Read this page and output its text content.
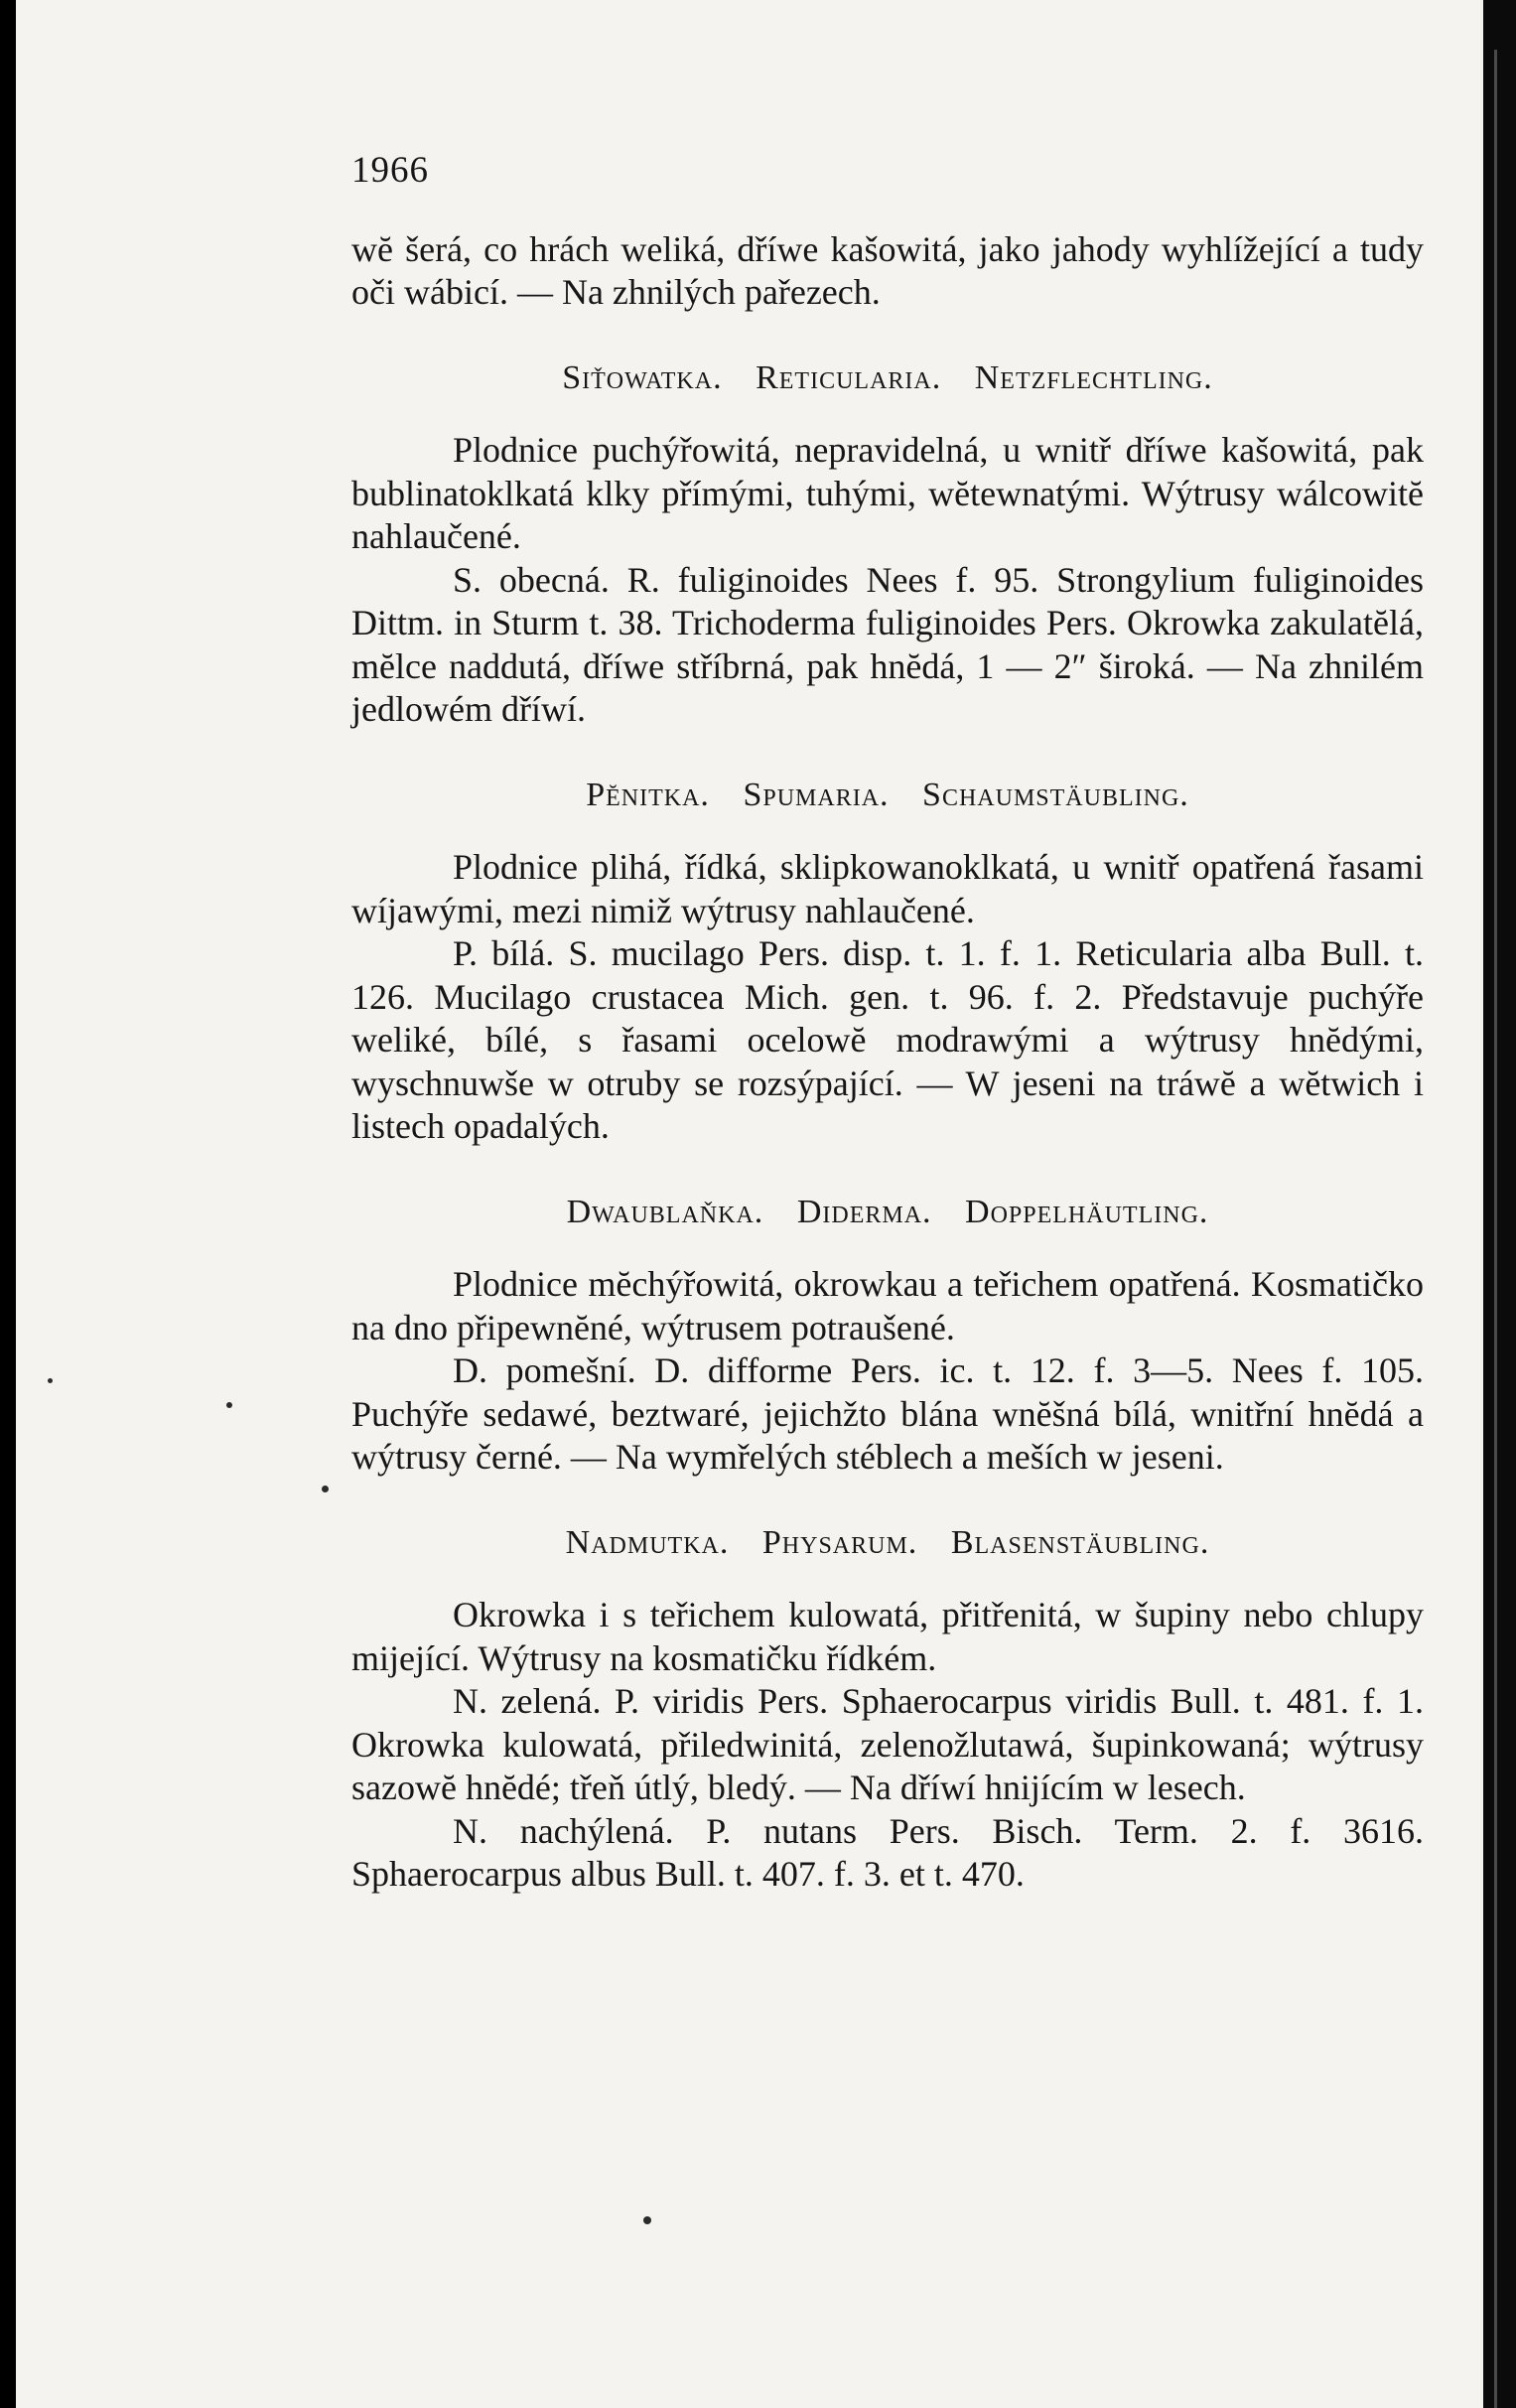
1966

wĕ šerá, co hrách weliká, dříwe kašowitá, jako jahody wyhlížející a tudy oči wábicí. — Na zhnilých pařezech.

Siťowatka. Reticularia. Netzflechtling.

Plodnice puchýřowitá, nepravidelná, u wnitř dříwe kašowitá, pak bublinatoklkatá klky přímými, tuhými, wĕtewnatými. Wýtrusy wálcowitĕ nahlaučené.

S. obecná. R. fuliginoides Nees f. 95. Strongylium fuliginoides Dittm. in Sturm t. 38. Trichoderma fuliginoides Pers. Okrowka zakulatĕlá, mĕlce naddutá, dříwe stříbrná, pak hnĕdá, 1 — 2″ široká. — Na zhnilém jedlowém dříwí.

Pĕnitka. Spumaria. Schaumstäubling.

Plodnice plihá, řídká, sklipkowanoklkatá, u wnitř opatřená řasami wíjawými, mezi nimiž wýtrusy nahlaučené.

P. bílá. S. mucilago Pers. disp. t. 1. f. 1. Reticularia alba Bull. t. 126. Mucilago crustacea Mich. gen. t. 96. f. 2. Představuje puchýře weliké, bílé, s řasami ocelowĕ modrawými a wýtrusy hnĕdými, wyschnuwše w otruby se rozsýpající. — W jeseni na tráwĕ a wĕtwich i listech opadalých.

Dwaublaňka. Diderma. Doppelhäutling.

Plodnice mĕchýřowitá, okrowkau a teřichem opatřená. Kosmatičko na dno připewnĕné, wýtrusem potraušené.

D. pomešní. D. difforme Pers. ic. t. 12. f. 3—5. Nees f. 105. Puchýře sedawé, beztwaré, jejichžto blána wnĕšná bílá, wnitřní hnĕdá a wýtrusy černé. — Na wymřelých stéblech a meších w jeseni.

Nadmutka. Physarum. Blasenstäubling.

Okrowka i s teřichem kulowatá, přitřenitá, w šupiny nebo chlupy mijející. Wýtrusy na kosmatičku řídkém.

N. zelená. P. viridis Pers. Sphaerocarpus viridis Bull. t. 481. f. 1. Okrowka kulowatá, přiledwinitá, zelenožlutawá, šupinkowaná; wýtrusy sazowĕ hnĕdé; třeň útlý, bledý. — Na dříwí hnijícím w lesech.

N. nachýlená. P. nutans Pers. Bisch. Term. 2. f. 3616. Sphaerocarpus albus Bull. t. 407. f. 3. et t. 470.
